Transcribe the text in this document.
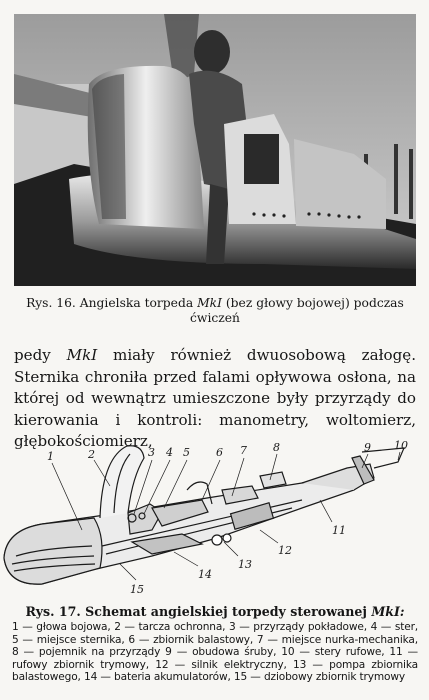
Rys. 16. Angielska torpeda MkI (bez głowy bojowej) podczas ćwiczeń
pedy MkI miały również dwuosobową załogę. Sternika chroniła przed falami opływowa osłona, na której od wewnątrz umieszczone były przyrządy do kierowania i kontroli: manometry, woltomierz, głębokościomierz,
1	2	3 4 5 6 7 8	9 10
11
12
13
14
15
Rys. 17. Schemat angielskiej torpedy sterowanej MkI:

1 — głowa bojowa, 2 — tarcza ochronna, 3 — przyrządy pokładowe, 4 — ster, 5 — miejsce sternika, 6 — zbiornik balastowy, 7 — miejsce nurka-mechanika, 8 — pojemnik na przyrządy 9 — obudowa śruby, 10 — stery rufowe, 11 — rufowy zbiornik trymowy, 12 — silnik elektryczny, 13 — pompa zbiornika balastowego, 14 — bateria akumulatorów, 15 — dziobowy zbiornik trymowy
